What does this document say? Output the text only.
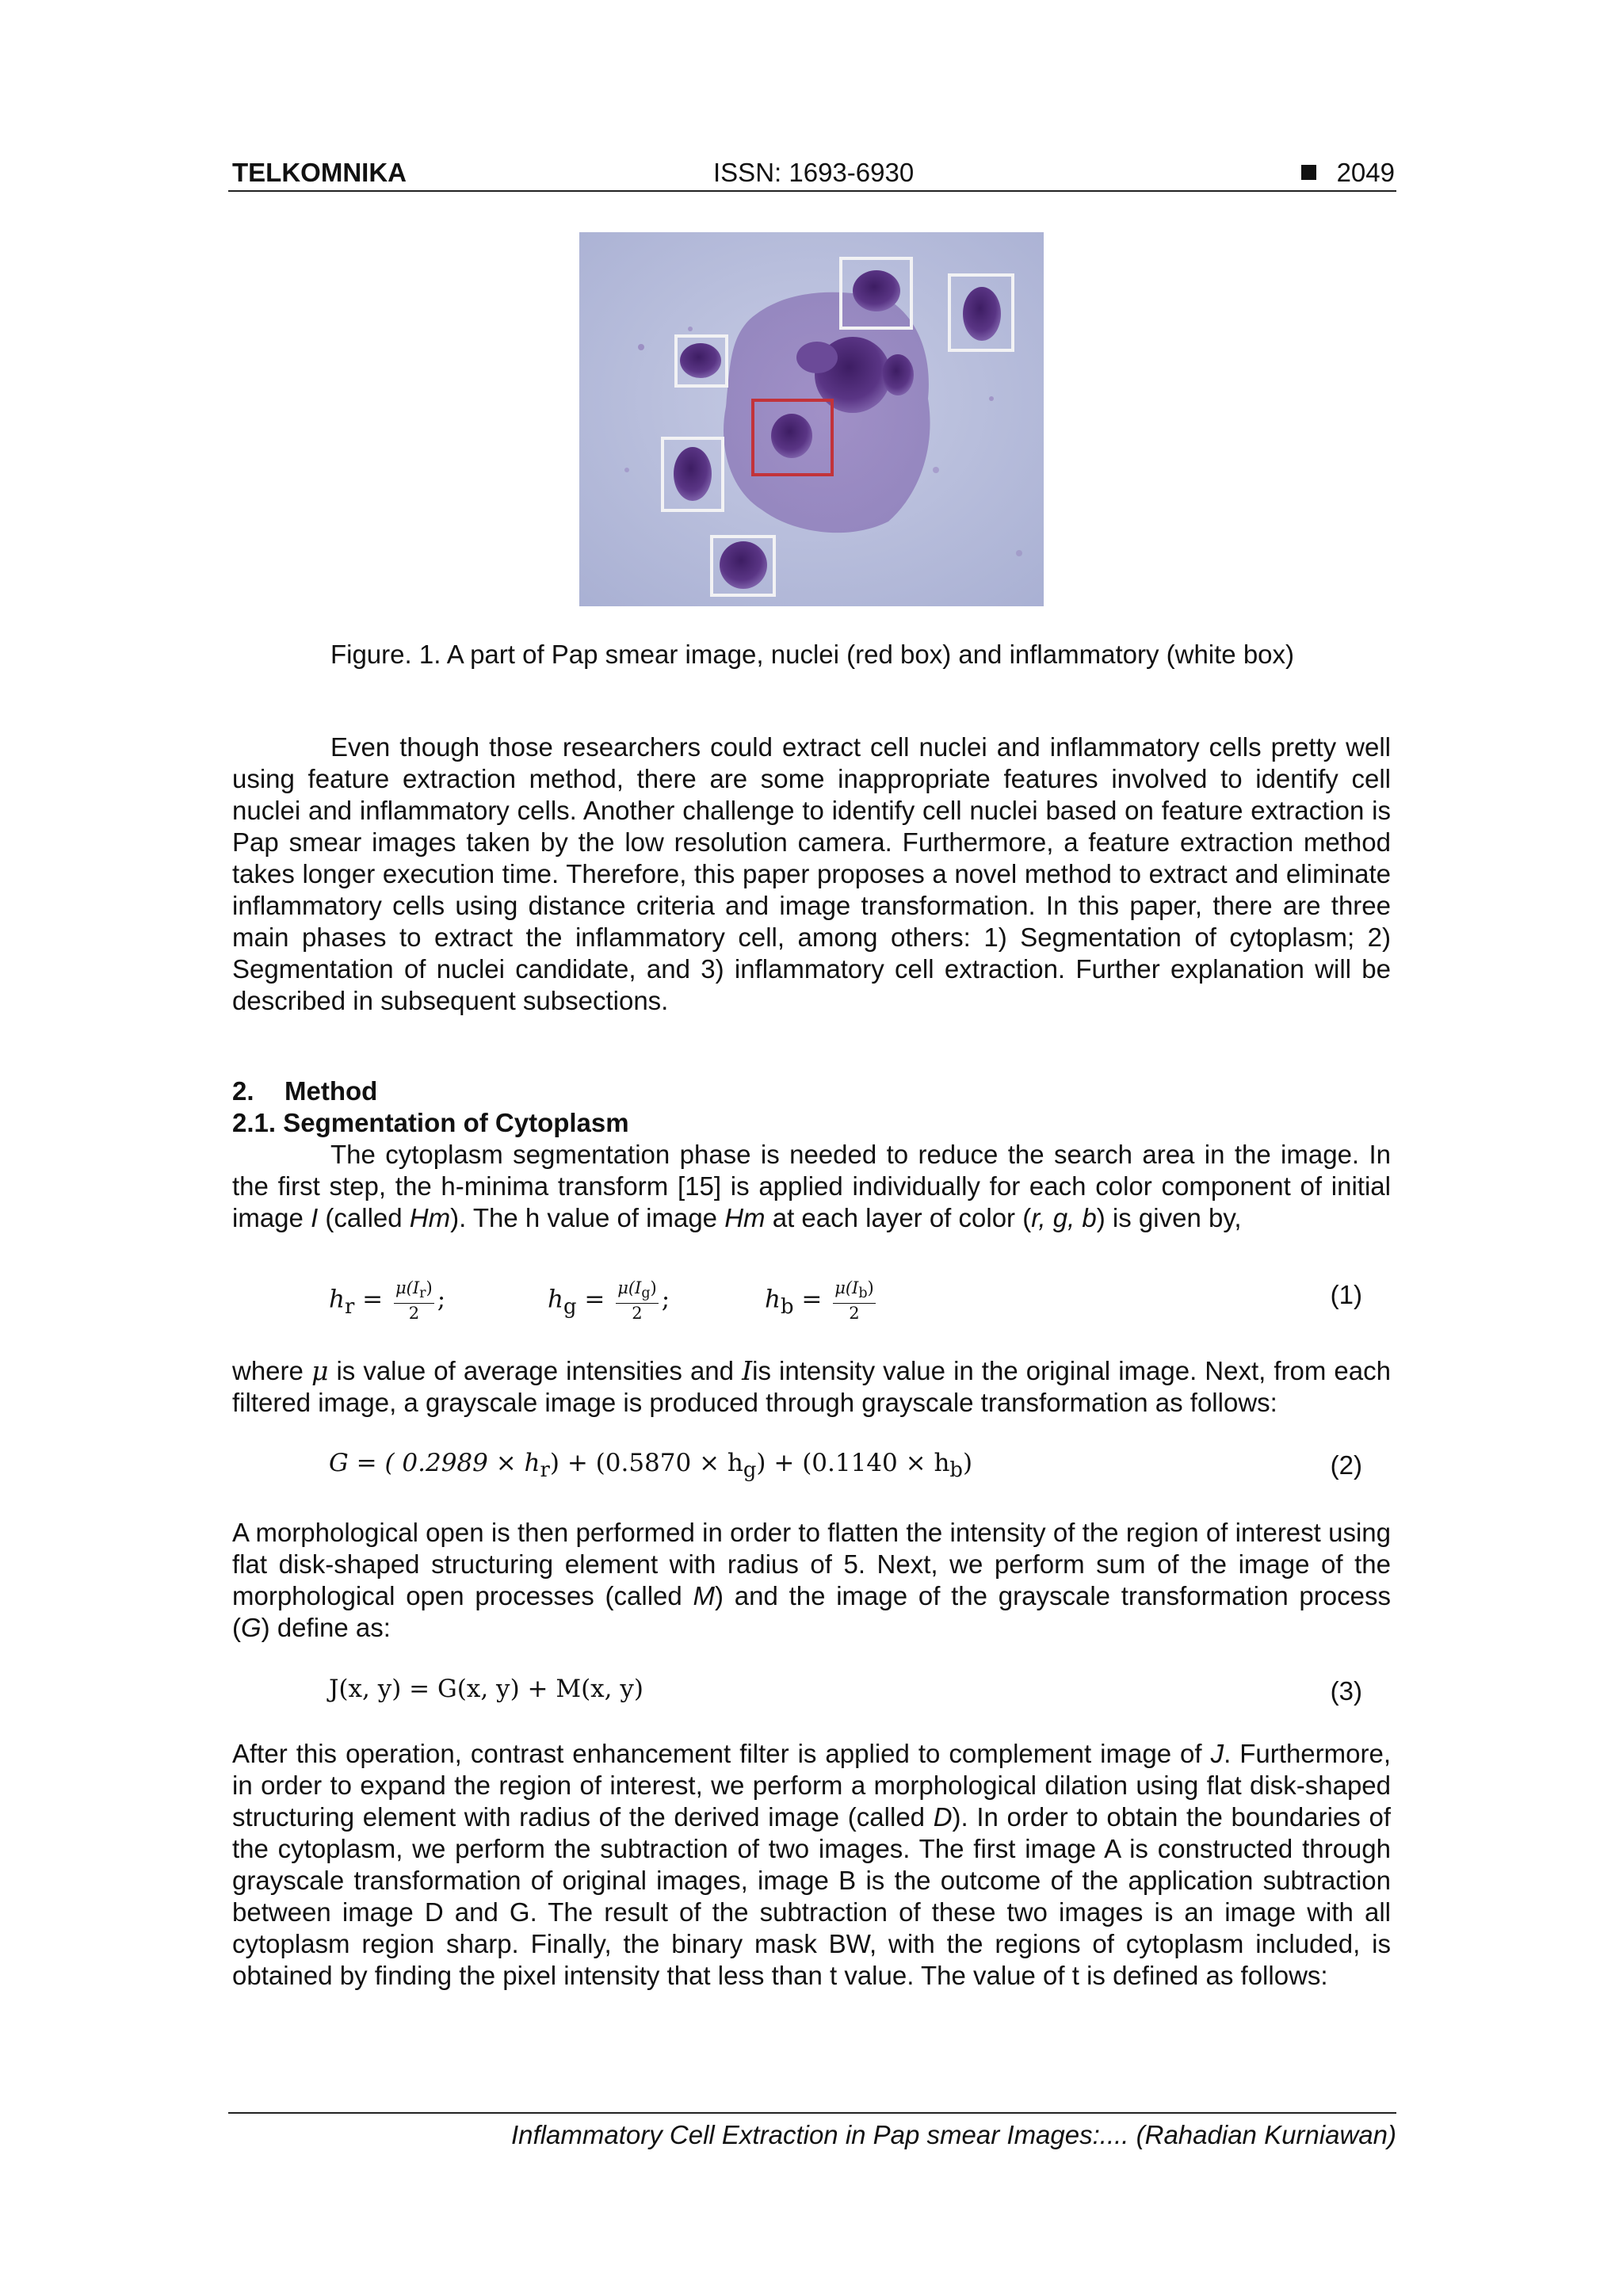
TELKOMNIKA	ISSN: 1693-6930	2049
Figure. 1. A part of Pap smear image, nuclei (red box) and inflammatory (white box)

Even though those researchers could extract cell nuclei and inflammatory cells pretty well using feature extraction method, there are some inappropriate features involved to identify cell nuclei and inflammatory cells. Another challenge to identify cell nuclei based on feature extraction is Pap smear images taken by the low resolution camera. Furthermore, a feature extraction method takes longer execution time. Therefore, this paper proposes a novel method to extract and eliminate inflammatory cells using distance criteria and image transformation. In this paper, there are three main phases to extract the inflammatory cell, among others: 1) Segmentation of cytoplasm; 2) Segmentation of nuclei candidate, and 3) inflammatory cell extraction. Further explanation will be described in subsequent subsections.

2. Method
2.1. Segmentation of Cytoplasm

The cytoplasm segmentation phase is needed to reduce the search area in the image. In the first step, the h-minima transform [15] is applied individually for each color component of initial image I (called Hm). The h value of image Hm at each layer of color (r, g, b) is given by,

$h_r = \frac{\mu(I_r)}{2}$ ;	$h_g = \frac{\mu(I_g)}{2}$ ;	$h_b = \frac{\mu(I_b)}{2}$	(1)

where μ is value of average intensities and Iis intensity value in the original image. Next, from each filtered image, a grayscale image is produced through grayscale transformation as follows:

G = ( $0.2989 \times h_r) + (0.5870 \times h_g) + (0.1140 \times h_b)$	(2)

A morphological open is then performed in order to flatten the intensity of the region of interest using flat disk-shaped structuring element with radius of 5. Next, we perform sum of the image of the morphological open processes (called M) and the image of the grayscale transformation process (G) define as:

J(x, y) = G(x, y) + M(x, y)	(3)

After this operation, contrast enhancement filter is applied to complement image of J. Furthermore, in order to expand the region of interest, we perform a morphological dilation using flat disk-shaped structuring element with radius of the derived image (called D). In order to obtain the boundaries of the cytoplasm, we perform the subtraction of two images. The first image A is constructed through grayscale transformation of original images, image B is the outcome of the application subtraction between image D and G. The result of the subtraction of these two images is an image with all cytoplasm region sharp. Finally, the binary mask BW, with the regions of cytoplasm included, is obtained by finding the pixel intensity that less than t value. The value of t is defined as follows:

Inflammatory Cell Extraction in Pap smear Images:.... (Rahadian Kurniawan)
